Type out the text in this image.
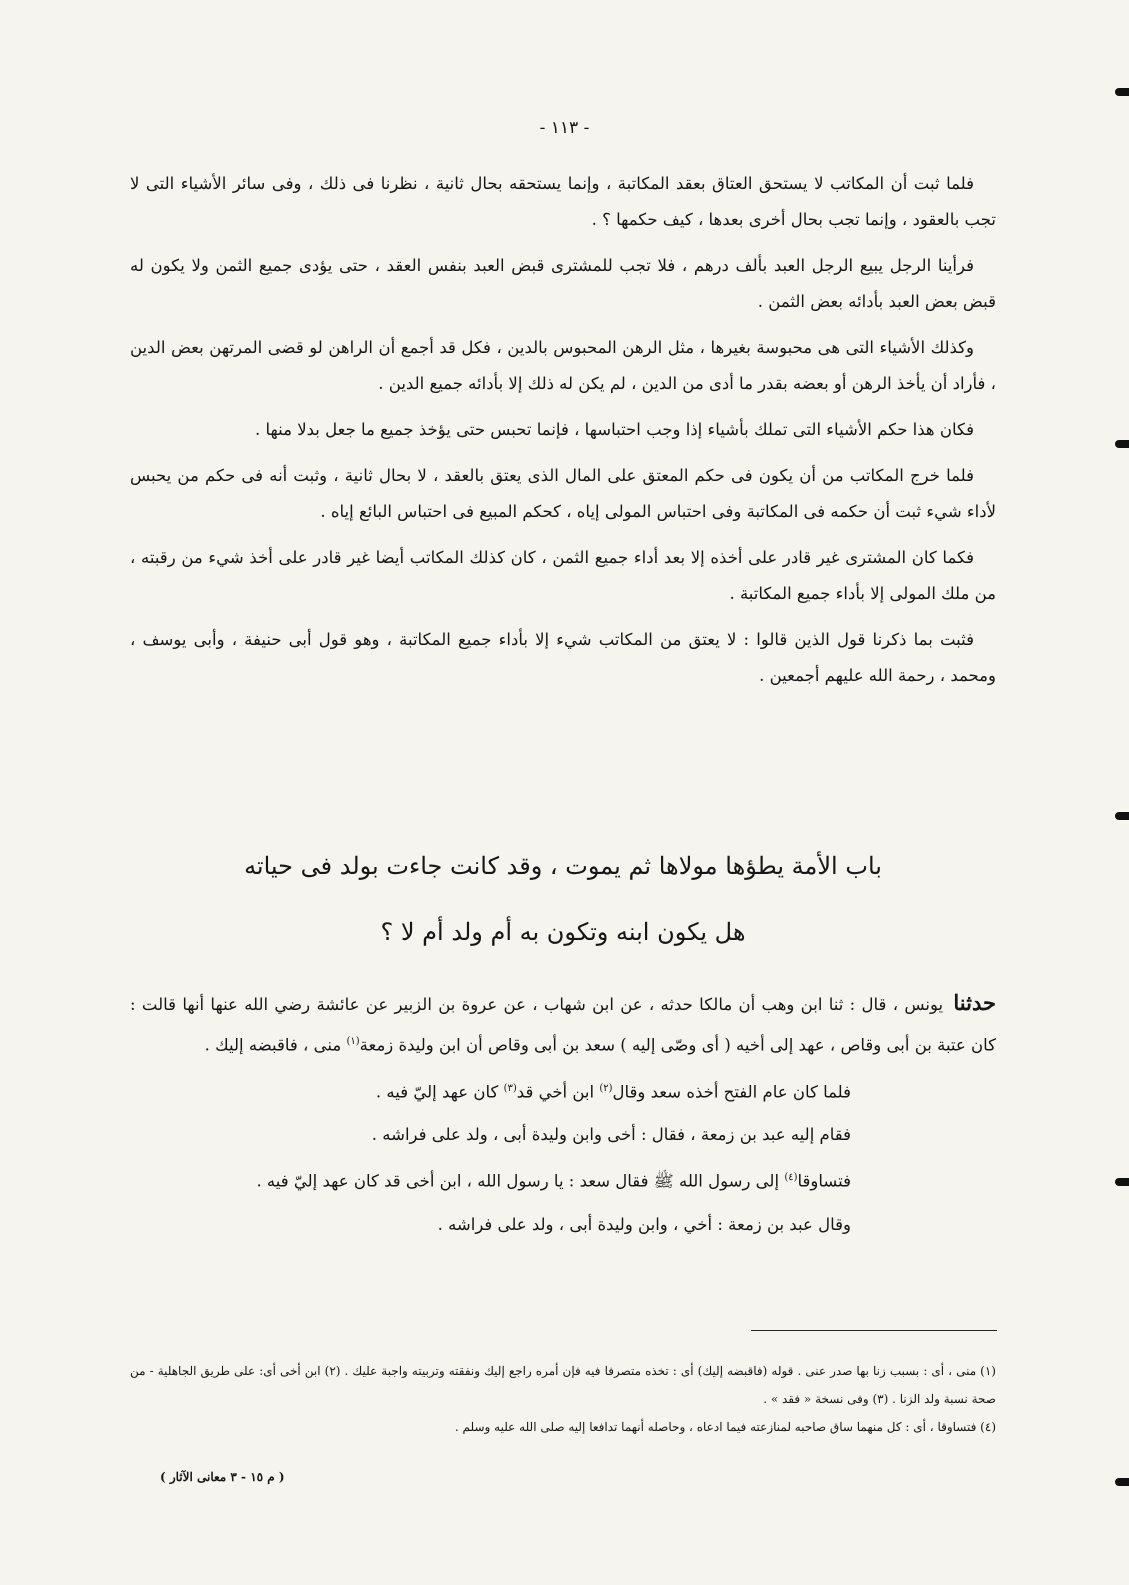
- ١١٣ -

فلما ثبت أن المكاتب لا يستحق العتاق بعقد المكاتبة ، وإنما يستحقه بحال ثانية ، نظرنا فى ذلك ، وفى سائر الأشياء التى لا تجب بالعقود ، وإنما تجب بحال أخرى بعدها ، كيف حكمها ؟ .

فرأينا الرجل يبيع الرجل العبد بألف درهم ، فلا تجب للمشترى قبض العبد بنفس العقد ، حتى يؤدى جميع الثمن ولا يكون له قبض بعض العبد بأدائه بعض الثمن .

وكذلك الأشياء التى هى محبوسة بغيرها ، مثل الرهن المحبوس بالدين ، فكل قد أجمع أن الراهن لو قضى المرتهن بعض الدين ، فأراد أن يأخذ الرهن أو بعضه بقدر ما أدى من الدين ، لم يكن له ذلك إلا بأدائه جميع الدين .

فكان هذا حكم الأشياء التى تملك بأشياء إذا وجب احتباسها ، فإنما تحبس حتى يؤخذ جميع ما جعل بدلا منها .

فلما خرج المكاتب من أن يكون فى حكم المعتق على المال الذى يعتق بالعقد ، لا بحال ثانية ، وثبت أنه فى حكم من يحبس لأداء شيء ثبت أن حكمه فى المكاتبة وفى احتباس المولى إياه ، كحكم المبيع فى احتباس البائع إياه .

فكما كان المشترى غير قادر على أخذه إلا بعد أداء جميع الثمن ، كان كذلك المكاتب أيضا غير قادر على أخذ شيء من رقبته ، من ملك المولى إلا بأداء جميع المكاتبة .

فثبت بما ذكرنا قول الذين قالوا : لا يعتق من المكاتب شيء إلا بأداء جميع المكاتبة ، وهو قول أبى حنيفة ، وأبى يوسف ، ومحمد ، رحمة الله عليهم أجمعين .

باب الأمة يطؤها مولاها ثم يموت ، وقد كانت جاءت بولد فى حياته
هل يكون ابنه وتكون به أم ولد أم لا ؟

حدثنا يونس ، قال : ثنا ابن وهب أن مالكا حدثه ، عن ابن شهاب ، عن عروة بن الزبير عن عائشة رضي الله عنها أنها قالت : كان عتبة بن أبى وقاص ، عهد إلى أخيه ( أى وصّى إليه ) سعد بن أبى وقاص أن ابن وليدة زمعة$^{(١)}$ منى ، فاقبضه إليك .

فلما كان عام الفتح أخذه سعد وقال$^{(٢)}$ ابن أخي قد$^{(٣)}$ كان عهد إليّ فيه .

فقام إليه عبد بن زمعة ، فقال : أخى وابن وليدة أبى ، ولد على فراشه .

فتساوقا$^{(٤)}$ إلى رسول الله ﷺ فقال سعد : يا رسول الله ، ابن أخى قد كان عهد إليّ فيه .

وقال عبد بن زمعة : أخي ، وابن وليدة أبى ، ولد على فراشه .

(١) منى ، أى : بسبب زنا بها صدر عنى . قوله (فاقبضه إليك) أى : تخذه متصرفا فيه فإن أمره راجع إليك ونفقته وتربيته واجبة عليك . (٢) ابن أخى أى: على طريق الجاهلية - من صحة نسبة ولد الزنا . (٣) وفى نسخة « فقد » .

(٤) فتساوقا ، أى : كل منهما ساق صاحبه لمنازعته فيما ادعاه ، وحاصله أنهما تدافعا إليه صلى الله عليه وسلم .

( م ١٥ ‑ ٣ معانى الآثار )
